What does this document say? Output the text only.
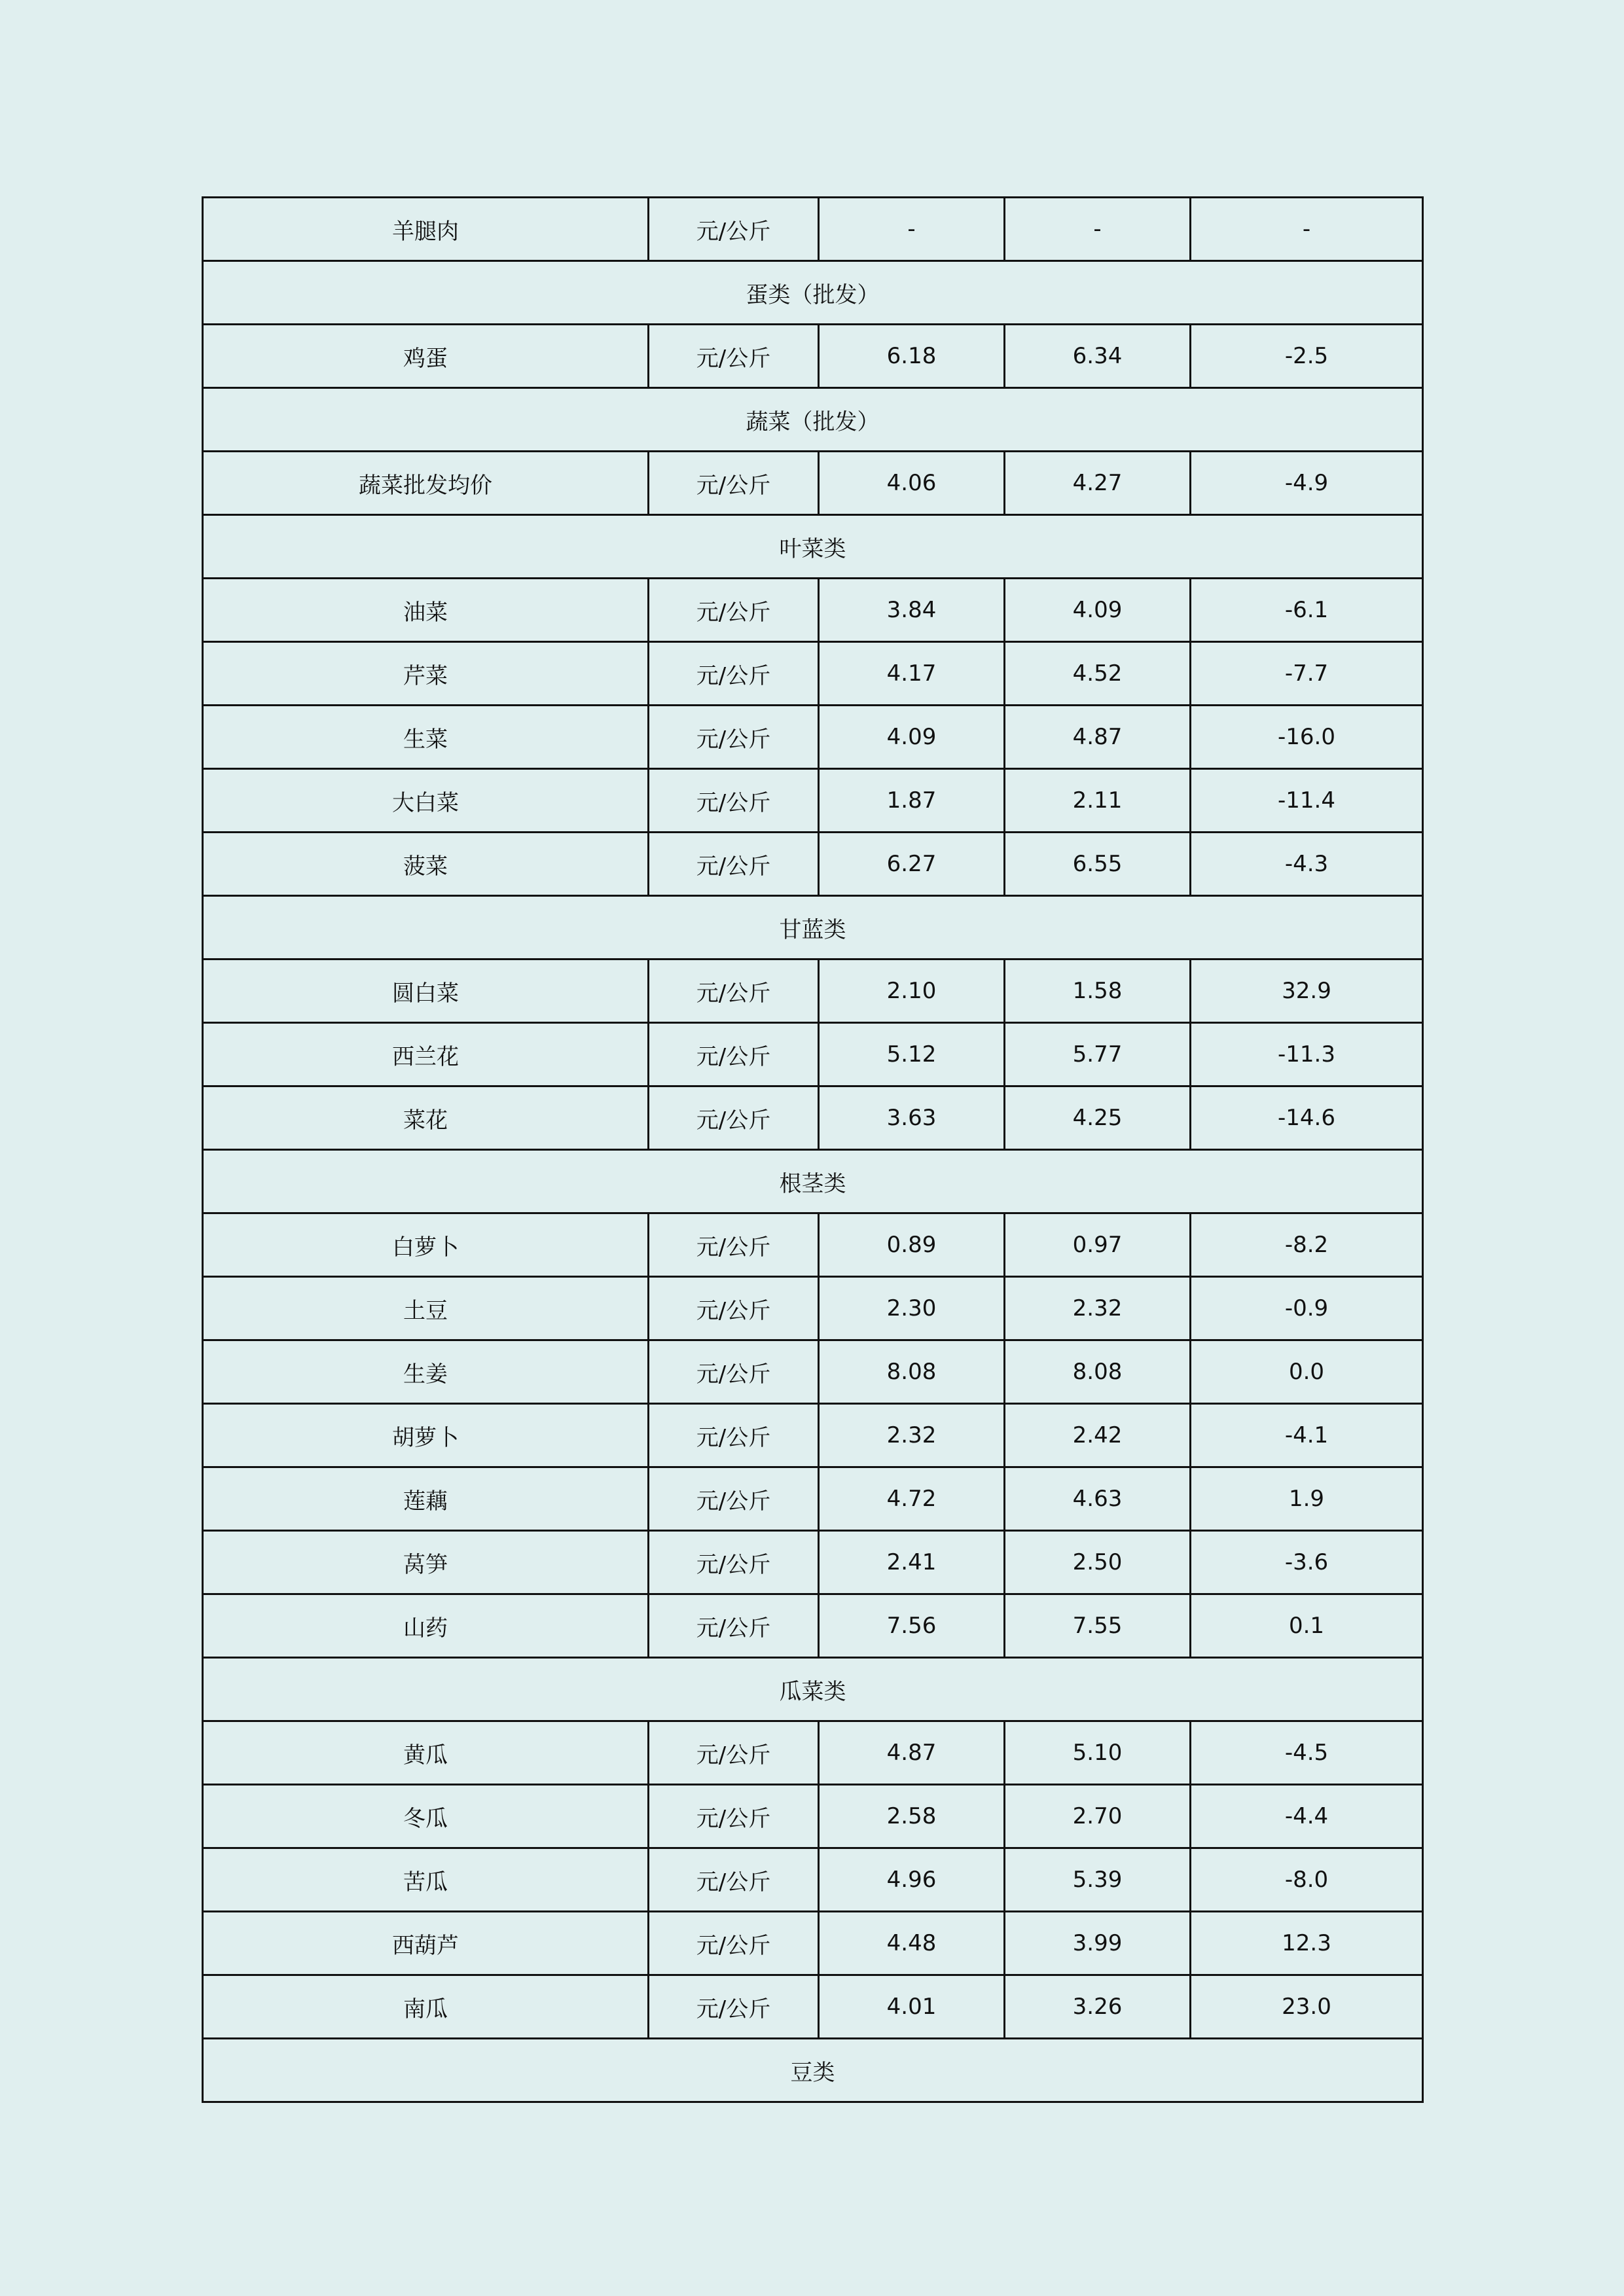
羊腿肉	元/公斤	-	-	-
蛋类（批发）				
鸡蛋	元/公斤	6.18	6.34	-2.5
蔬菜（批发）				
蔬菜批发均价	元/公斤	4.06	4.27	-4.9
叶菜类				
油菜	元/公斤	3.84	4.09	-6.1
芹菜	元/公斤	4.17	4.52	-7.7
生菜	元/公斤	4.09	4.87	-16.0
大白菜	元/公斤	1.87	2.11	-11.4
菠菜	元/公斤	6.27	6.55	-4.3
甘蓝类				
圆白菜	元/公斤	2.10	1.58	32.9
西兰花	元/公斤	5.12	5.77	-11.3
菜花	元/公斤	3.63	4.25	-14.6
根茎类				
白萝卜	元/公斤	0.89	0.97	-8.2
土豆	元/公斤	2.30	2.32	-0.9
生姜	元/公斤	8.08	8.08	0.0
胡萝卜	元/公斤	2.32	2.42	-4.1
莲藕	元/公斤	4.72	4.63	1.9
莴笋	元/公斤	2.41	2.50	-3.6
山药	元/公斤	7.56	7.55	0.1
瓜菜类				
黄瓜	元/公斤	4.87	5.10	-4.5
冬瓜	元/公斤	2.58	2.70	-4.4
苦瓜	元/公斤	4.96	5.39	-8.0
西葫芦	元/公斤	4.48	3.99	12.3
南瓜	元/公斤	4.01	3.26	23.0
豆类				
